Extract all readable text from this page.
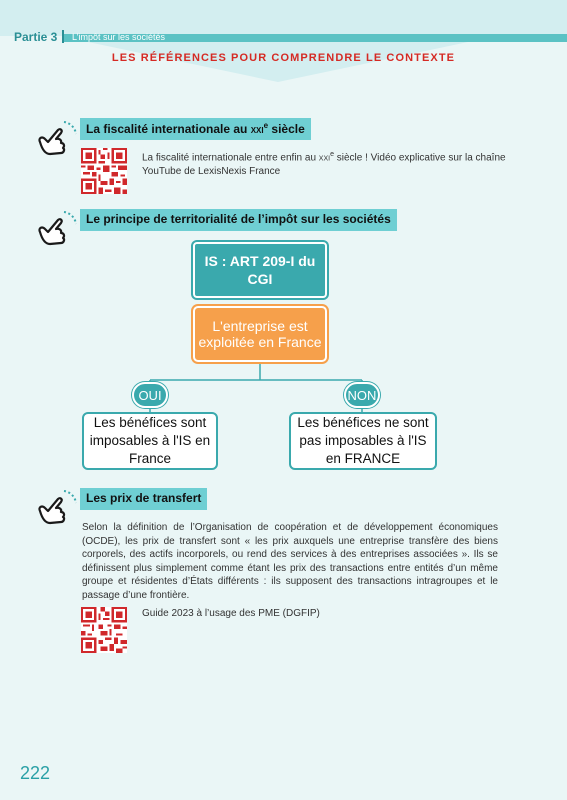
Partie 3 L’impôt sur les sociétés
LES RÉFÉRENCES POUR COMPRENDRE LE CONTEXTE
La fiscalité internationale au xxi$^e$ siècle
La fiscalité internationale entre enfin au xxi$^e$ siècle ! Vidéo explicative sur la chaîne YouTube de LexisNexis France
Le principe de territorialité de l’impôt sur les sociétés
IS : ART 209-I du CGI
L'entreprise est exploitée en France
OUI	NON
Les bénéfices sont imposables à l'IS en France
Les bénéfices ne sont pas imposables à l'IS en FRANCE
Les prix de transfert
Selon la définition de l’Organisation de coopération et de développement économiques (OCDE), les prix de transfert sont « les prix auxquels une entreprise transfère des biens corporels, des actifs incorporels, ou rend des services à des entreprises associées ». Ils se définissent plus simplement comme étant les prix des transactions entre entités d’un même groupe et résidentes d’États différents : ils supposent des transactions intragroupes et le passage d’une frontière.
Guide 2023 à l’usage des PME (DGFIP)
222
